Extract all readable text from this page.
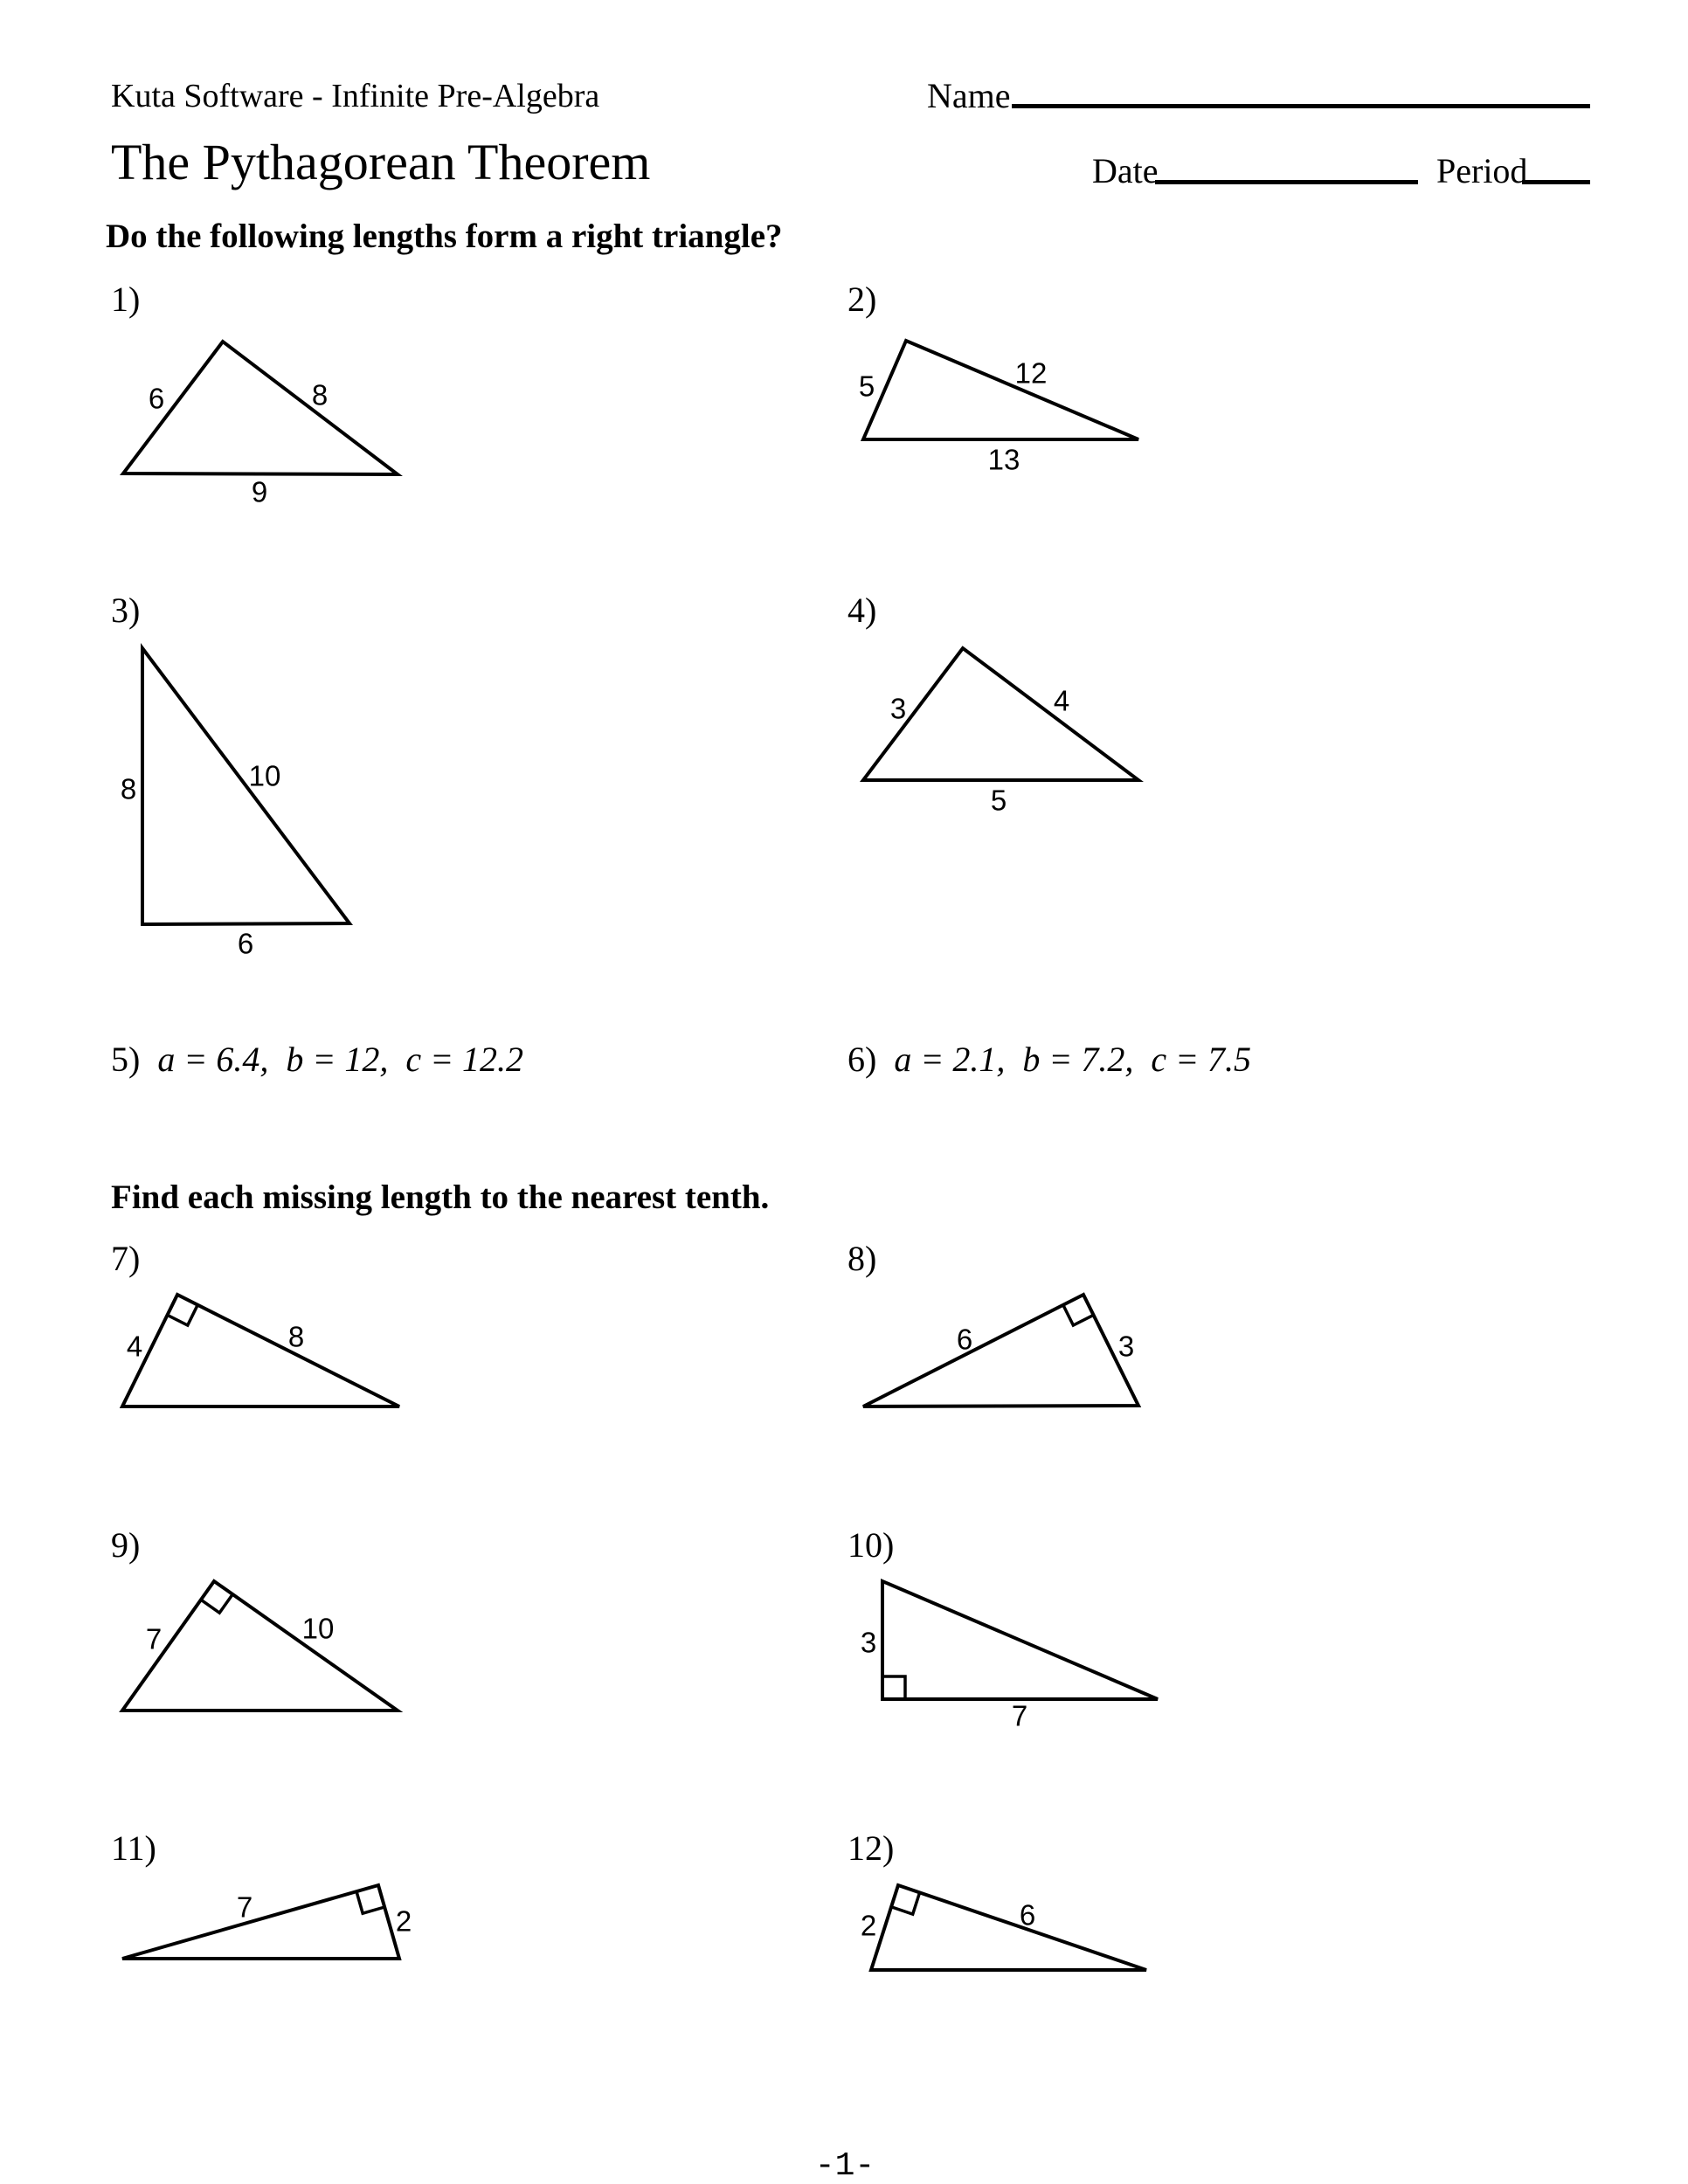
Kuta Software - Infinite Pre-Algebra	Name
The Pythagorean Theorem	Date	Period
Do the following lengths form a right triangle?
Find each missing length to the nearest tenth.
1)
6	8
9
2)
5	12
13
3)
8	10
6
4)
3	4
5
5) a = 6.4,  b = 12,  c = 12.2	6) a = 2.1,  b = 7.2,  c = 7.5
7)
4	8
8)
6	3
9)
7	10
10)
3
7
11)
7	2
12)
2	6
-1-
